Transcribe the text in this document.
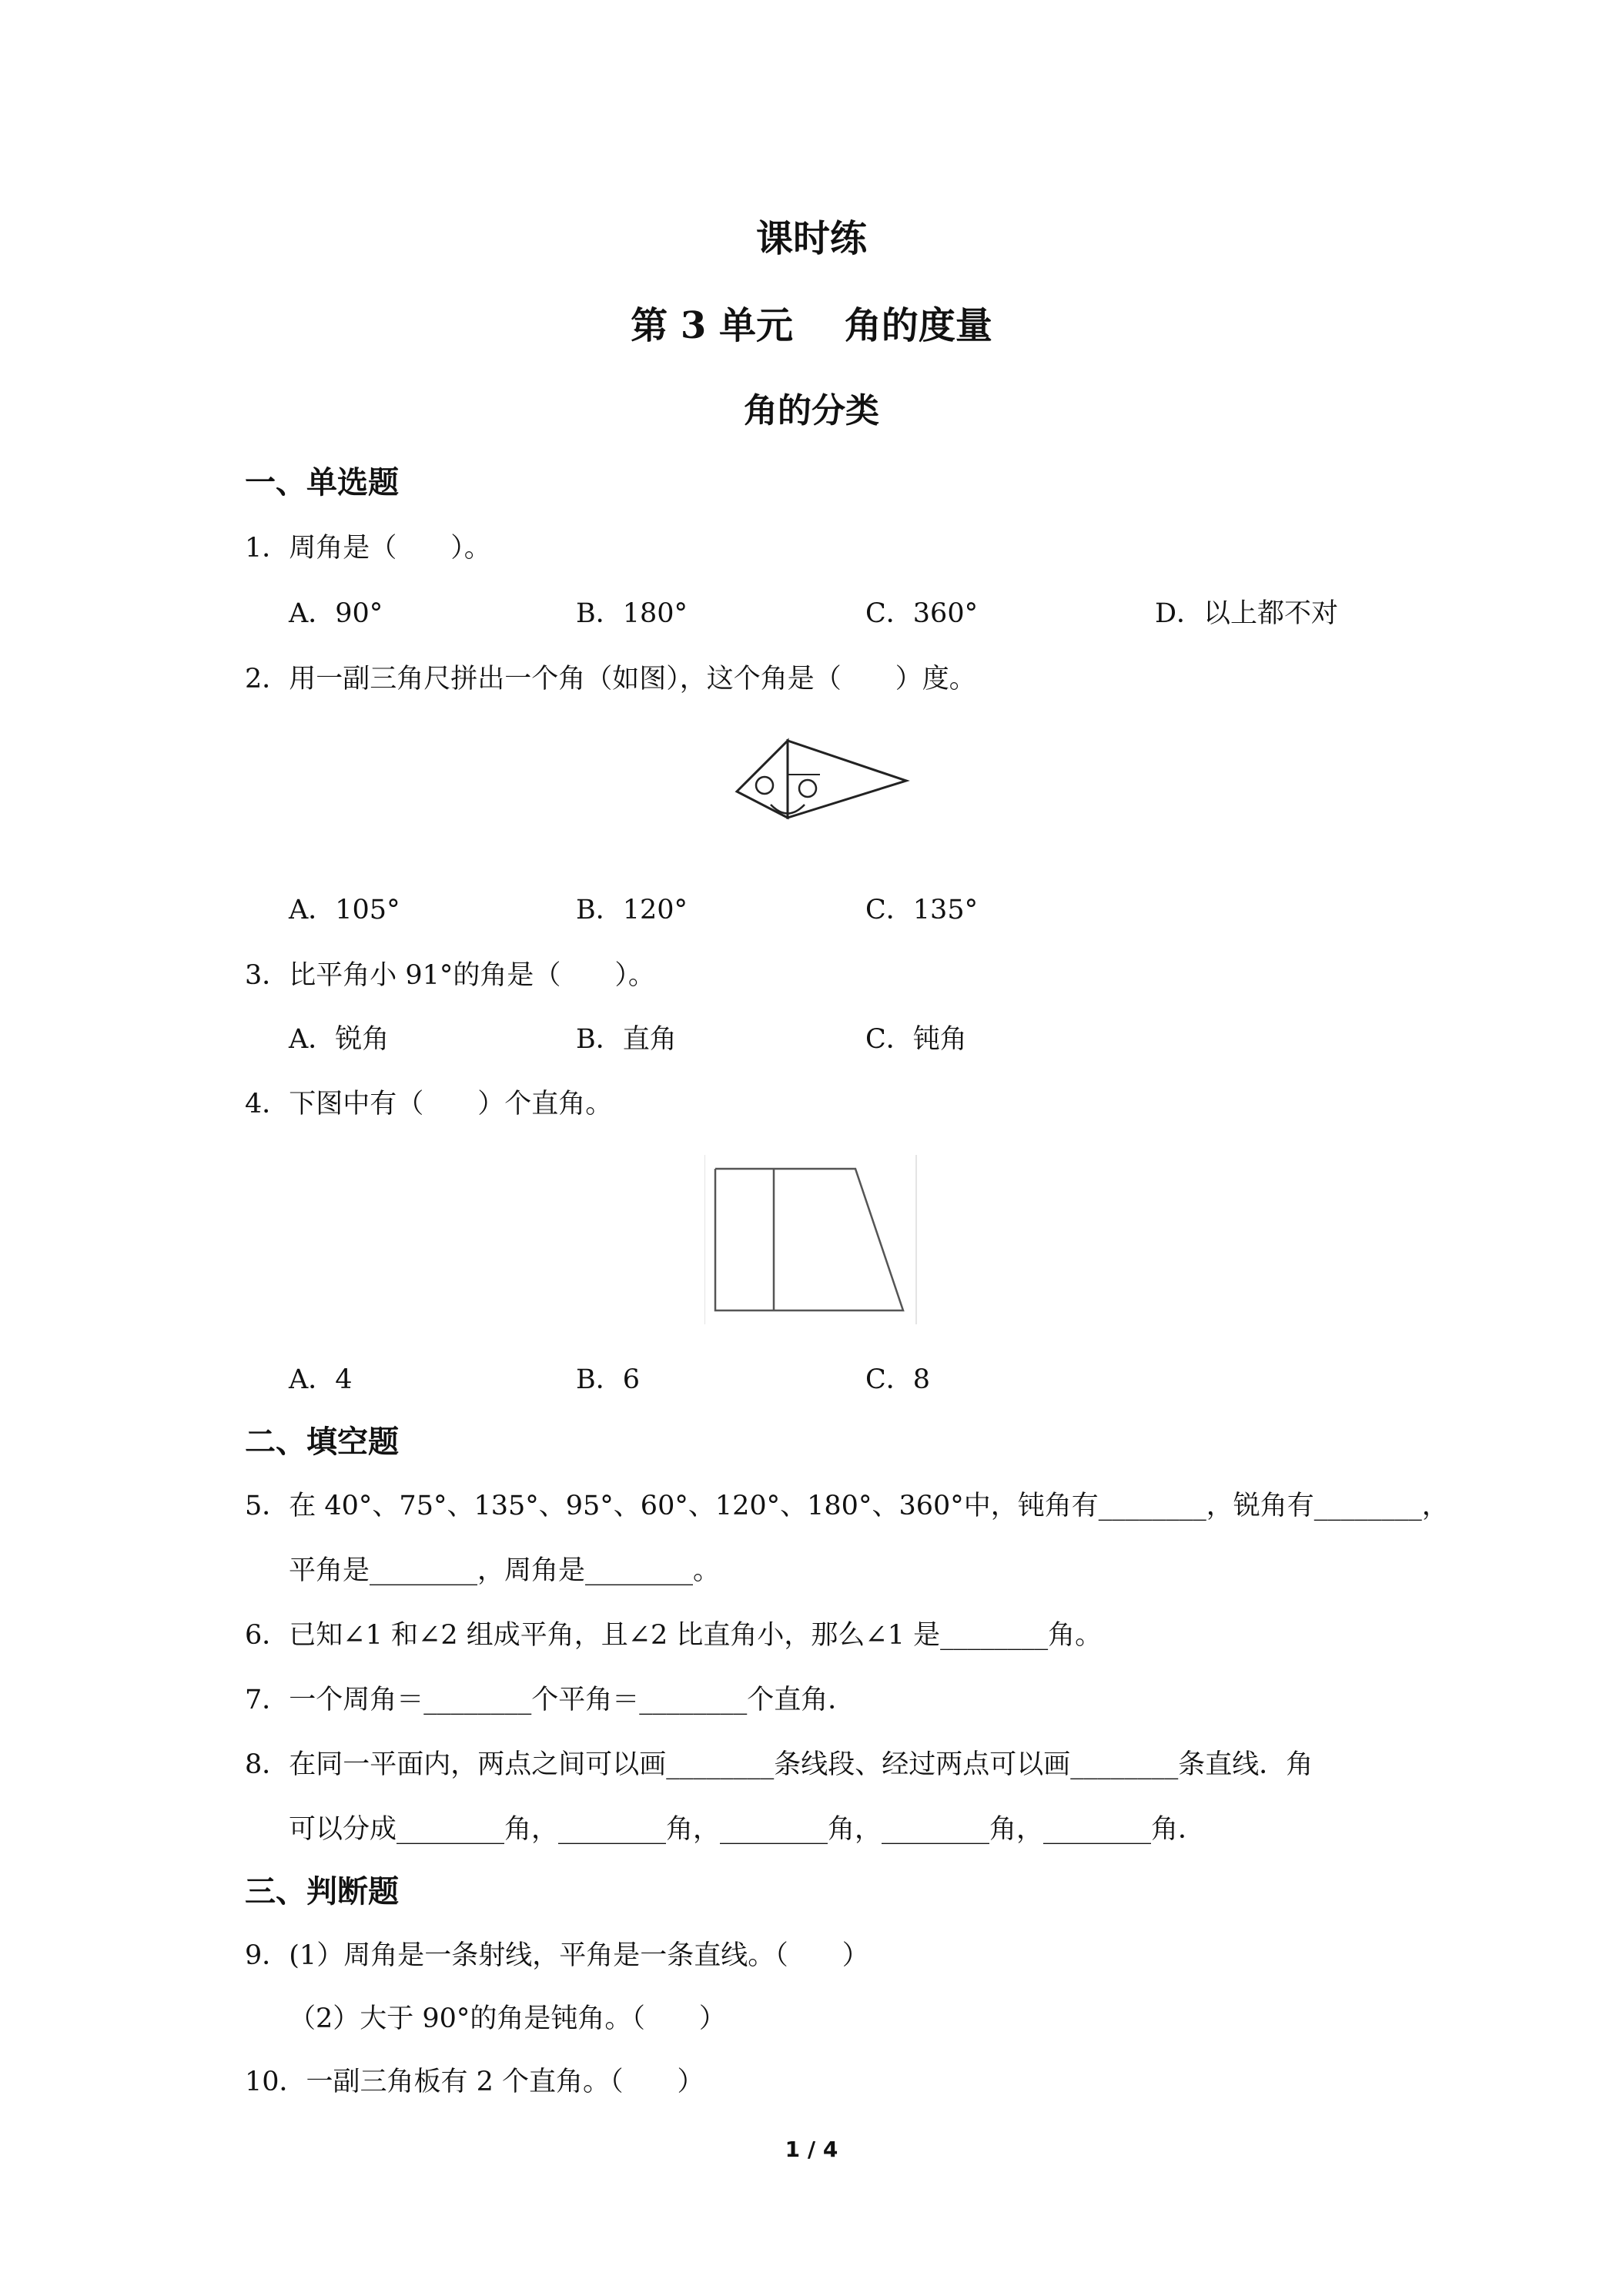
课时练
第 3 单元    角的度量
角的分类
一、单选题
1．周角是（　　）。
A．90°	B．180°	C．360°	D．以上都不对
2．用一副三角尺拼出一个角（如图），这个角是（　　）度。
A．105°	B．120°	C．135°
3．比平角小 91°的角是（　　）。
A．锐角	B．直角	C．钝角
4．下图中有（　　）个直角。
A．4	B．6	C．8
二、填空题
5．在 40°、75°、135°、95°、60°、120°、180°、360°中，钝角有________，锐角有________，
平角是________，周角是________。
6．已知∠1 和∠2 组成平角，且∠2 比直角小，那么∠1 是________角。
7．一个周角＝________个平角＝________个直角．
8．在同一平面内，两点之间可以画________条线段、经过两点可以画________条直线．角
可以分成________角，________角，________角，________角，________角．
三、判断题
9．(1）周角是一条射线，平角是一条直线。（　　）
（2）大于 90°的角是钝角。（　　）
10．一副三角板有 2 个直角。（　　）
1 / 4
